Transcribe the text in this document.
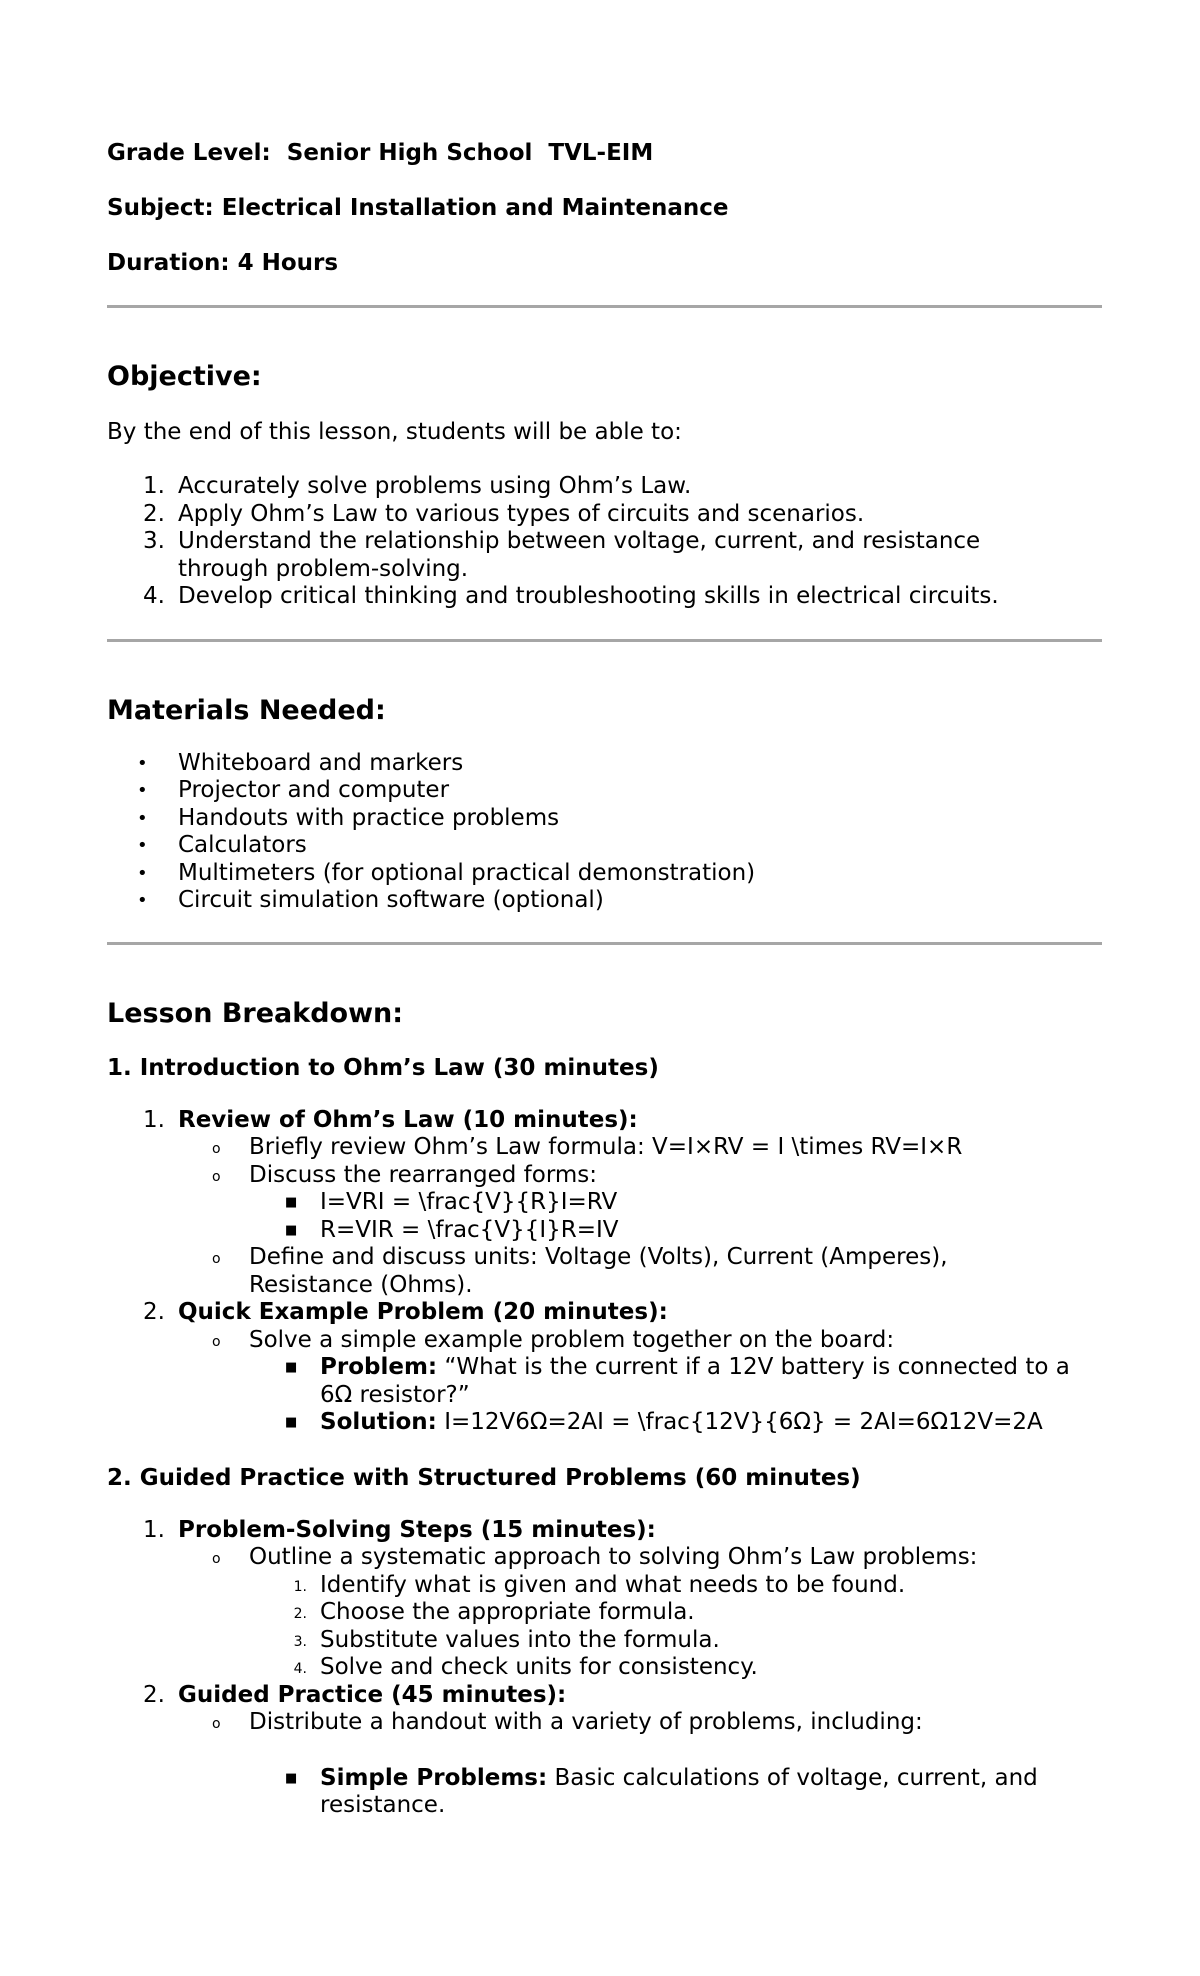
Grade Level: Senior High School  TVL-EIM
Subject: Electrical Installation and Maintenance
Duration: 4 Hours
Objective:

By the end of this lesson, students will be able to:

1. Accurately solve problems using Ohm’s Law.
2. Apply Ohm’s Law to various types of circuits and scenarios.
3. Understand the relationship between voltage, current, and resistance through problem-solving.
4. Develop critical thinking and troubleshooting skills in electrical circuits.
Materials Needed:
• Whiteboard and markers
• Projector and computer
• Handouts with practice problems
• Calculators
• Multimeters (for optional practical demonstration)
• Circuit simulation software (optional)
Lesson Breakdown:
1. Introduction to Ohm’s Law (30 minutes)
1. Review of Ohm’s Law (10 minutes):
o Briefly review Ohm’s Law formula: V=I×RV = I \times RV=I×R
o Discuss the rearranged forms:
■ I=VRI = \frac{V}{R}I=RV
■ R=VIR = \frac{V}{I}R=IV
o Define and discuss units: Voltage (Volts), Current (Amperes), Resistance (Ohms).
2. Quick Example Problem (20 minutes):
o Solve a simple example problem together on the board:
■ Problem: “What is the current if a 12V battery is connected to a 6Ω resistor?”
■ Solution: I=12V6Ω=2AI = \frac{12V}{6Ω} = 2AI=6Ω12V=2A
2. Guided Practice with Structured Problems (60 minutes)
1. Problem-Solving Steps (15 minutes):
o Outline a systematic approach to solving Ohm’s Law problems:
1. Identify what is given and what needs to be found.
2. Choose the appropriate formula.
3. Substitute values into the formula.
4. Solve and check units for consistency.
2. Guided Practice (45 minutes):
o Distribute a handout with a variety of problems, including:
■ Simple Problems: Basic calculations of voltage, current, and resistance.
